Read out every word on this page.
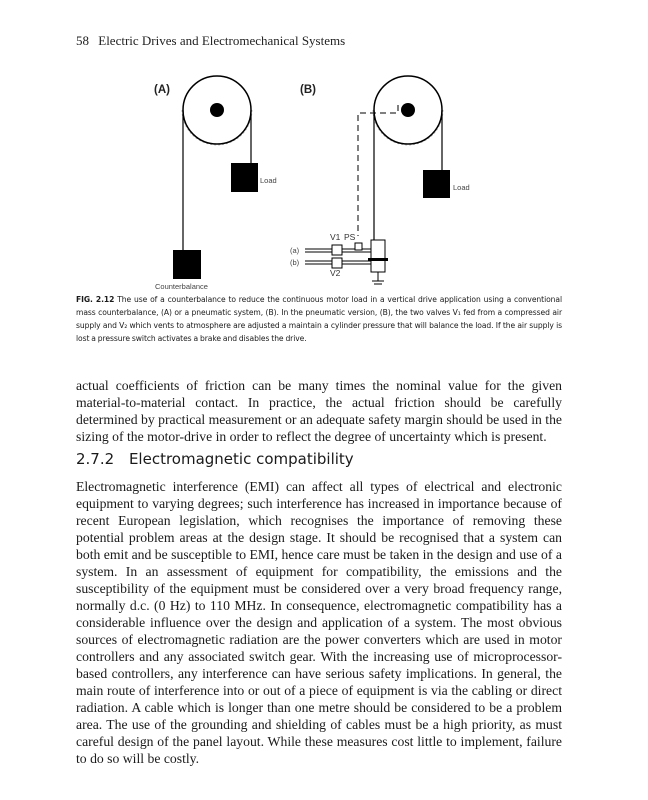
58 Electric Drives and Electromechanical Systems
(A)
Load
Counterbalance
(B)
Load
V1 PS
V2
(a)
(b)
FIG. 2.12 The use of a counterbalance to reduce the continuous motor load in a vertical drive application using a conventional mass counterbalance, (A) or a pneumatic system, (B). In the pneumatic version, (B), the two valves V₁ fed from a compressed air supply and V₂ which vents to atmosphere are adjusted a maintain a cylinder pressure that will balance the load. If the air supply is lost a pressure switch activates a brake and disables the drive.

actual coefficients of friction can be many times the nominal value for the given material-to-material contact. In practice, the actual friction should be carefully determined by practical measurement or an adequate safety margin should be used in the sizing of the motor-drive in order to reflect the degree of uncertainty which is present.

2.7.2 Electromagnetic compatibility

Electromagnetic interference (EMI) can affect all types of electrical and electronic equipment to varying degrees; such interference has increased in importance because of recent European legislation, which recognises the importance of removing these potential problem areas at the design stage. It should be recognised that a system can both emit and be susceptible to EMI, hence care must be taken in the design and use of a system. In an assessment of equipment for compatibility, the emissions and the susceptibility of the equipment must be considered over a very broad frequency range, normally d.c. (0 Hz) to 110 MHz. In consequence, electromagnetic compatibility has a considerable influence over the design and application of a system. The most obvious sources of electromagnetic radiation are the power converters which are used in motor controllers and any associated switch gear. With the increasing use of microprocessor-based controllers, any interference can have serious safety implications. In general, the main route of interference into or out of a piece of equipment is via the cabling or direct radiation. A cable which is longer than one metre should be considered to be a problem area. The use of the grounding and shielding of cables must be a high priority, as must careful design of the panel layout. While these measures cost little to implement, failure to do so will be costly.
